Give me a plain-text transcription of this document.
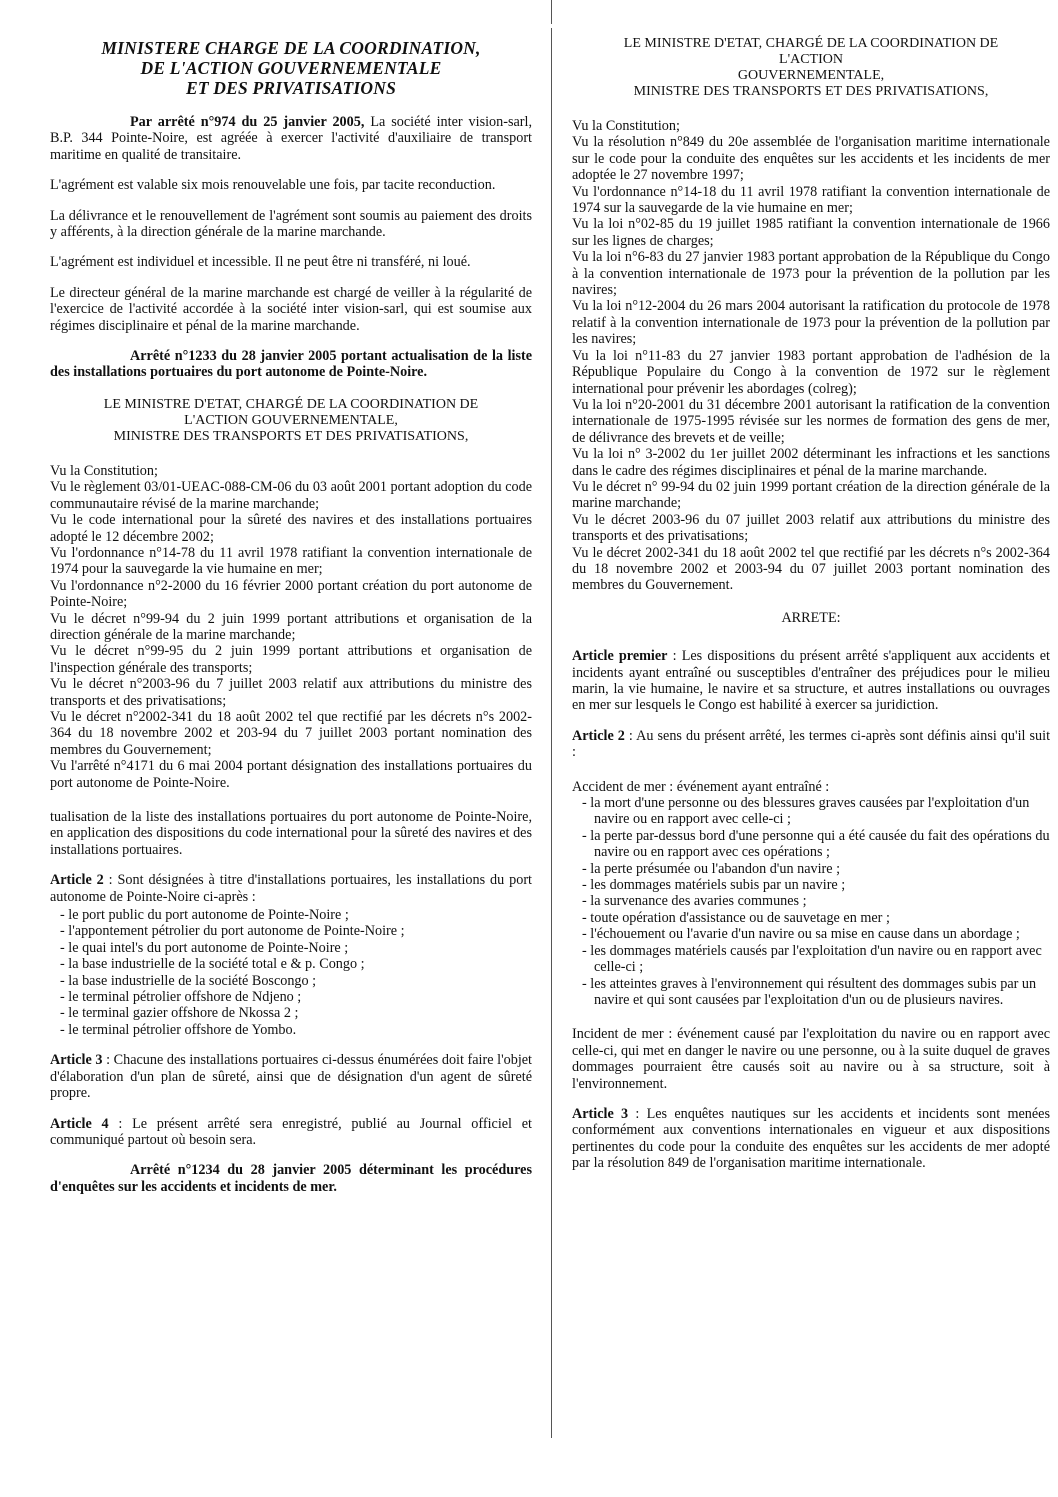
MINISTERE CHARGE DE LA COORDINATION,
DE L'ACTION GOUVERNEMENTALE
ET DES PRIVATISATIONS

Par arrêté n°974 du 25 janvier 2005, La société inter vision-sarl, B.P. 344 Pointe-Noire, est agréée à exercer l'activité d'auxiliaire de transport maritime en qualité de transitaire.

L'agrément est valable six mois renouvelable une fois, par tacite reconduction.

La délivrance et le renouvellement de l'agrément sont soumis au paiement des droits y afférents, à la direction générale de la marine marchande.

L'agrément est individuel et incessible. Il ne peut être ni transféré, ni loué.

Le directeur général de la marine marchande est chargé de veiller à la régularité de l'exercice de l'activité accordée à la société inter vision-sarl, qui est soumise aux régimes disciplinaire et pénal de la marine marchande.

Arrêté n°1233 du 28 janvier 2005 portant actualisation de la liste des installations portuaires du port autonome de Pointe-Noire.
LE MINISTRE D'ETAT, CHARGÉ DE LA COORDINATION DE
L'ACTION GOUVERNEMENTALE,
MINISTRE DES TRANSPORTS ET DES PRIVATISATIONS,
Vu la Constitution;
Vu le règlement 03/01-UEAC-088-CM-06 du 03 août 2001 portant adoption du code communautaire révisé de la marine marchande;
Vu le code international pour la sûreté des navires et des installations portuaires adopté le 12 décembre 2002;
Vu l'ordonnance n°14-78 du 11 avril 1978 ratifiant la convention internationale de 1974 pour la sauvegarde la vie humaine en mer;
Vu l'ordonnance n°2-2000 du 16 février 2000 portant création du port autonome de Pointe-Noire;
Vu le décret n°99-94 du 2 juin 1999 portant attributions et organisation de la direction générale de la marine marchande;
Vu le décret n°99-95 du 2 juin 1999 portant attributions et organisation de l'inspection générale des transports;
Vu le décret n°2003-96 du 7 juillet 2003 relatif aux attributions du ministre des transports et des privatisations;
Vu le décret n°2002-341 du 18 août 2002 tel que rectifié par les décrets n°s 2002-364 du 18 novembre 2002 et 203-94 du 7 juillet 2003 portant nomination des membres du Gouvernement;
Vu l'arrêté n°4171 du 6 mai 2004 portant désignation des installations portuaires du port autonome de Pointe-Noire.

tualisation de la liste des installations portuaires du port autonome de Pointe-Noire, en application des dispositions du code international pour la sûreté des navires et des installations portuaires.

Article 2 : Sont désignées à titre d'installations portuaires, les installations du port autonome de Pointe-Noire ci-après :

- le port public du port autonome de Pointe-Noire ;
- l'appontement pétrolier du port autonome de Pointe-Noire ;
- le quai intel's du port autonome de Pointe-Noire ;
- la base industrielle de la société total e & p. Congo ;
- la base industrielle de la société Boscongo ;
- le terminal pétrolier offshore de Ndjeno ;
- le terminal gazier offshore de Nkossa 2 ;
- le terminal pétrolier offshore de Yombo.

Article 3 : Chacune des installations portuaires ci-dessus énumérées doit faire l'objet d'élaboration d'un plan de sûreté, ainsi que de désignation d'un agent de sûreté propre.

Article 4 : Le présent arrêté sera enregistré, publié au Journal officiel et communiqué partout où besoin sera.

Arrêté n°1234 du 28 janvier 2005 déterminant les procédures d'enquêtes sur les accidents et incidents de mer.
LE MINISTRE D'ETAT, CHARGÉ DE LA COORDINATION DE
L'ACTION
GOUVERNEMENTALE,
MINISTRE DES TRANSPORTS ET DES PRIVATISATIONS,
Vu la Constitution;
Vu la résolution n°849 du 20e assemblée de l'organisation maritime internationale sur le code pour la conduite des enquêtes sur les accidents et les incidents de mer adoptée le 27 novembre 1997;
Vu l'ordonnance n°14-18 du 11 avril 1978 ratifiant la convention internationale de 1974 sur la sauvegarde de la vie humaine en mer;
Vu la loi n°02-85 du 19 juillet 1985 ratifiant la convention internationale de 1966 sur les lignes de charges;
Vu la loi n°6-83 du 27 janvier 1983 portant approbation de la République du Congo à la convention internationale de 1973 pour la prévention de la pollution par les navires;
Vu la loi n°12-2004 du 26 mars 2004 autorisant la ratification du protocole de 1978 relatif à la convention internationale de 1973 pour la prévention de la pollution par les navires;
Vu la loi n°11-83 du 27 janvier 1983 portant approbation de l'adhésion de la République Populaire du Congo à la convention de 1972 sur le règlement international pour prévenir les abordages (colreg);
Vu la loi n°20-2001 du 31 décembre 2001 autorisant la ratification de la convention internationale de 1975-1995 révisée sur les normes de formation des gens de mer, de délivrance des brevets et de veille;
Vu la loi n° 3-2002 du 1er juillet 2002 déterminant les infractions et les sanctions dans le cadre des régimes disciplinaires et pénal de la marine marchande.
Vu le décret n° 99-94 du 02 juin 1999 portant création de la direction générale de la marine marchande;
Vu le décret 2003-96 du 07 juillet 2003 relatif aux attributions du ministre des transports et des privatisations;
Vu le décret 2002-341 du 18 août 2002 tel que rectifié par les décrets n°s 2002-364 du 18 novembre 2002 et 2003-94 du 07 juillet 2003 portant nomination des membres du Gouvernement.
ARRETE:

Article premier : Les dispositions du présent arrêté s'appliquent aux accidents et incidents ayant entraîné ou susceptibles d'entraîner des préjudices pour le milieu marin, la vie humaine, le navire et sa structure, et autres installations ou ouvrages en mer sur lesquels le Congo est habilité à exercer sa juridiction.

Article 2 : Au sens du présent arrêté, les termes ci-après sont définis ainsi qu'il suit :

Accident de mer : événement ayant entraîné :
- la mort d'une personne ou des blessures graves causées par l'exploitation d'un navire ou en rapport avec celle-ci ;
- la perte par-dessus bord d'une personne qui a été causée du fait des opérations du navire ou en rapport avec ces opérations ;
- la perte présumée ou l'abandon d'un navire ;
- les dommages matériels subis par un navire ;
- la survenance des avaries communes ;
- toute opération d'assistance ou de sauvetage en mer ;
- l'échouement ou l'avarie d'un navire ou sa mise en cause dans un abordage ;
- les dommages matériels causés par l'exploitation d'un navire ou en rapport avec celle-ci ;
- les atteintes graves à l'environnement qui résultent des dommages subis par un navire et qui sont causées par l'exploitation d'un ou de plusieurs navires.

Incident de mer : événement causé par l'exploitation du navire ou en rapport avec celle-ci, qui met en danger le navire ou une personne, ou à la suite duquel de graves dommages pourraient être causés soit au navire ou à sa structure, soit à l'environnement.

Article 3 : Les enquêtes nautiques sur les accidents et incidents sont menées conformément aux conventions internationales en vigueur et aux dispositions pertinentes du code pour la conduite des enquêtes sur les accidents de mer adopté par la résolution 849 de l'organisation maritime internationale.
